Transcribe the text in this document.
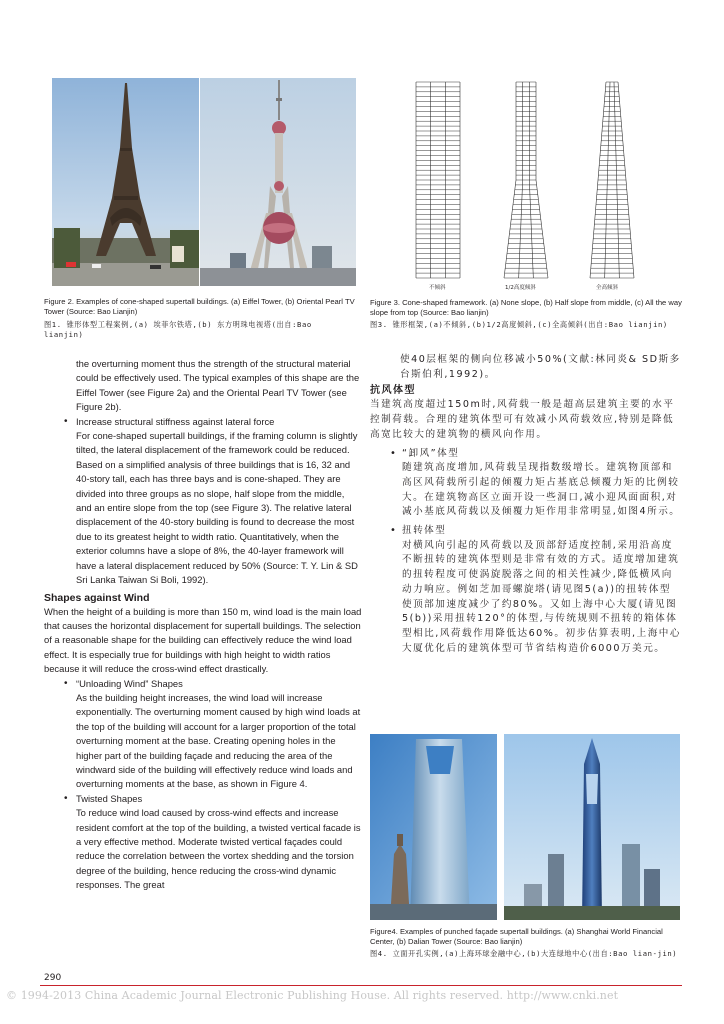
Figure 2. Examples of cone-shaped supertall buildings. (a) Eiffel Tower, (b) Oriental Pearl TV Tower (Source: Bao Lianjin)
图1. 锥形体型工程案例,(a) 埃菲尔铁塔,(b) 东方明珠电视塔(出自:Bao lianjin)
不倾斜	1/2高度倾斜	全高倾斜
Figure 3. Cone-shaped framework. (a) None slope, (b) Half slope from middle, (c) All the way slope from top (Source: Bao lianjin)
图3. 锥形框架,(a)不倾斜,(b)1/2高度倾斜,(c)全高倾斜(出自:Bao lianjin)

the overturning moment thus the strength of the structural material could be effectively used. The typical examples of this shape are the Eiffel Tower (see Figure 2a) and the Oriental Pearl TV Tower (see Figure 2b).

• Increase structural stiffness against lateral force

For cone-shaped supertall buildings, if the framing column is slightly tilted, the lateral displacement of the framework could be reduced. Based on a simplified analysis of three buildings that is 16, 32 and 40-story tall, each has three bays and is cone-shaped. They are divided into three groups as no slope, half slope from the middle, and an entire slope from the top (see Figure 3). The relative lateral displacement of the 40-story building is found to decrease the most due to its greatest height to width ratio. Quantitatively, when the exterior columns have a slope of 8%, the 40-layer framework will have a lateral displacement reduced by 50% (Source: T. Y. Lin & SD Sri Lanka Taiwan Si Boli, 1992).

Shapes against Wind

When the height of a building is more than 150 m, wind load is the main load that causes the horizontal displacement for supertall buildings. The selection of a reasonable shape for the building can effectively reduce the wind load effect. It is especially true for buildings with high height to width ratios because it will reduce the cross-wind effect drastically.

• “Unloading Wind” Shapes

As the building height increases, the wind load will increase exponentially. The overturning moment caused by high wind loads at the top of the building will account for a larger proportion of the total overturning moment at the base. Creating opening holes in the higher part of the building façade and reducing the area of the windward side of the building will effectively reduce wind loads and overturning moments at the base, as shown in Figure 4.

• Twisted Shapes

To reduce wind load caused by cross-wind effects and increase resident comfort at the top of the building, a twisted vertical facade is a very effective method. Moderate twisted vertical façades could reduce the correlation between the vortex shedding and the torsion degree of the building, hence reducing the cross-wind dynamic responses. The great

使40层框架的侧向位移减小50%(文献:林同炎& SD斯多台斯伯利,1992)。

抗风体型

当建筑高度超过150m时,风荷载一般是超高层建筑主要的水平控制荷载。合理的建筑体型可有效减小风荷载效应,特别是降低高宽比较大的建筑物的横风向作用。

• “卸风”体型

随建筑高度增加,风荷载呈现指数级增长。建筑物顶部和高区风荷载所引起的倾覆力矩占基底总倾覆力矩的比例较大。在建筑物高区立面开设一些洞口,减小迎风面面积,对减小基底风荷载以及倾覆力矩作用非常明显,如图4所示。

• 扭转体型

对横风向引起的风荷载以及顶部舒适度控制,采用沿高度不断扭转的建筑体型则是非常有效的方式。适度增加建筑的扭转程度可使涡旋脱落之间的相关性减少,降低横风向动力响应。例如芝加哥螺旋塔(请见图5(a))的扭转体型使顶部加速度减少了约80%。又如上海中心大厦(请见图5(b))采用扭转120°的体型,与传统规则不扭转的箱体体型相比,风荷载作用降低达60%。初步估算表明,上海中心大厦优化后的建筑体型可节省结构造价6000万美元。

Figure4. Examples of punched façade supertall buildings. (a) Shanghai World Financial Center, (b) Dalian Tower (Source: Bao lianjin)
图4. 立面开孔实例,(a)上海环球金融中心,(b)大连绿地中心(出自:Bao lian-jin)
290
© 1994-2013 China Academic Journal Electronic Publishing House. All rights reserved. http://www.cnki.net
